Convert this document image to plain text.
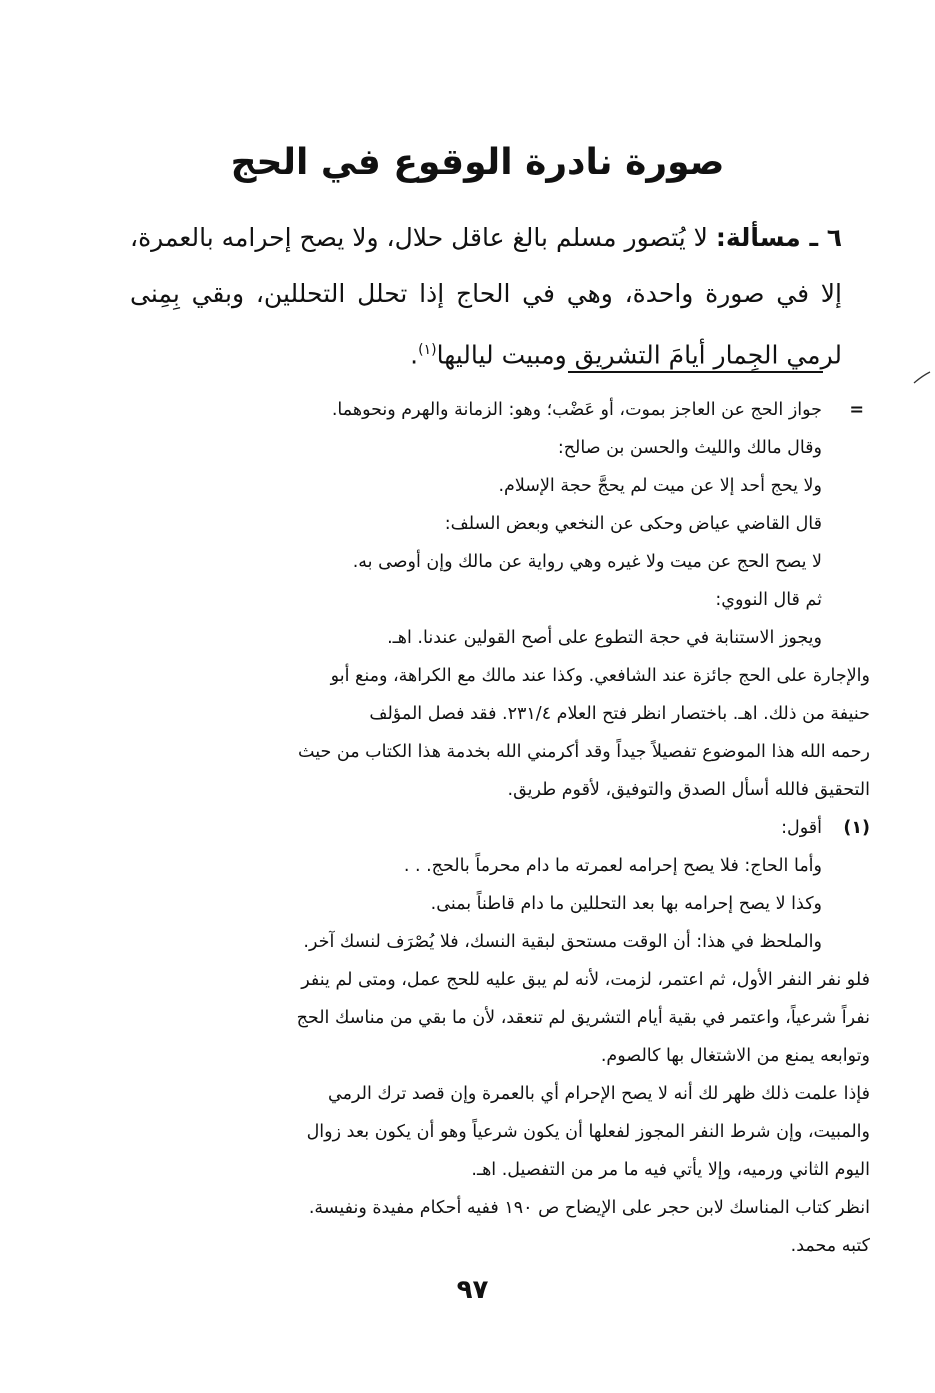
صورة نادرة الوقوع في الحج

٦ ـ مسألة: لا يُتصور مسلم بالغ عاقل حلال، ولا يصح إحرامه بالعمرة، إلا في صورة واحدة، وهي في الحاج إذا تحلل التحللين، وبقي بِمِنى لرمي الجِمار أيامَ التشريق ومبيت لياليها$^{(١)}$.

=

جواز الحج عن العاجز بموت، أو عَضْب؛ وهو: الزمانة والهرم ونحوهما.

وقال مالك والليث والحسن بن صالح:

ولا يحج أحد إلا عن ميت لم يحجَّ حجة الإسلام.

قال القاضي عياض وحكى عن النخعي وبعض السلف:

لا يصح الحج عن ميت ولا غيره وهي رواية عن مالك وإن أوصى به.

ثم قال النووي:

ويجوز الاستنابة في حجة التطوع على أصح القولين عندنا. اهـ.

والإجارة على الحج جائزة عند الشافعي. وكذا عند مالك مع الكراهة، ومنع أبو

حنيفة من ذلك. اهـ. باختصار انظر فتح العلام ٢٣١/٤. فقد فصل المؤلف

رحمه الله هذا الموضوع تفصيلاً جيداً وقد أكرمني الله بخدمة هذا الكتاب من حيث

التحقيق فالله أسأل الصدق والتوفيق، لأقوم طريق.

(١)

أقول:

وأما الحاج: فلا يصح إحرامه لعمرته ما دام محرماً بالحج. . .

وكذا لا يصح إحرامه بها بعد التحللين ما دام قاطناً بمنى.

والملحظ في هذا: أن الوقت مستحق لبقية النسك، فلا يُصْرَف لنسك آخر.

فلو نفر النفر الأول، ثم اعتمر، لزمت، لأنه لم يبق عليه للحج عمل، ومتى لم ينفر

نفراً شرعياً، واعتمر في بقية أيام التشريق لم تنعقد، لأن ما بقي من مناسك الحج

وتوابعه يمنع من الاشتغال بها كالصوم.

فإذا علمت ذلك ظهر لك أنه لا يصح الإحرام أي بالعمرة وإن قصد ترك الرمي

والمبيت، وإن شرط النفر المجوز لفعلها أن يكون شرعياً وهو أن يكون بعد زوال

اليوم الثاني ورميه، وإلا يأتي فيه ما مر من التفصيل. اهـ.

انظر كتاب المناسك لابن حجر على الإيضاح ص ١٩٠ ففيه أحكام مفيدة ونفيسة.

كتبه محمد.

٩٧
